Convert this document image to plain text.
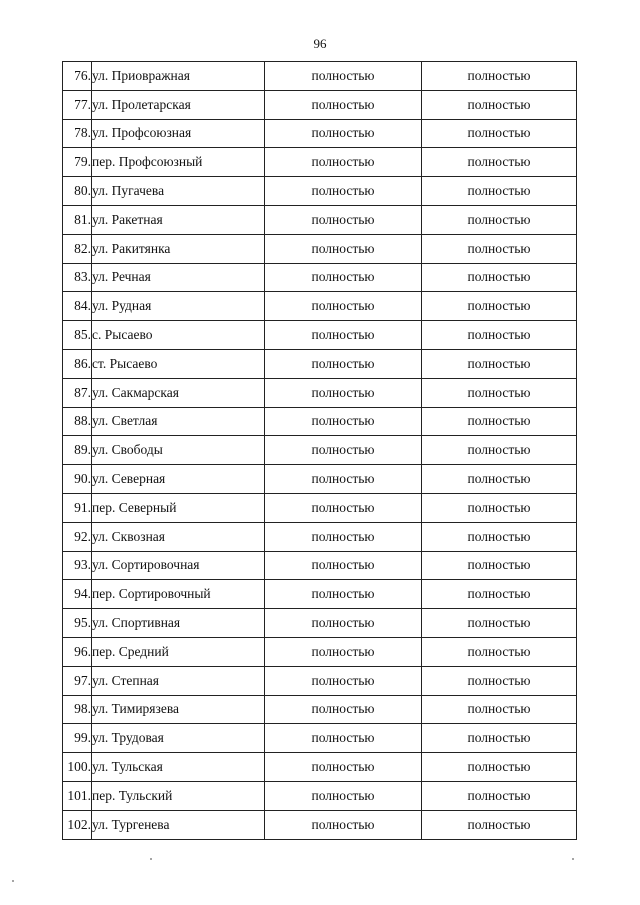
96
76.	ул. Приовражная	полностью	полностью
77.	ул. Пролетарская	полностью	полностью
78.	ул. Профсоюзная	полностью	полностью
79.	пер. Профсоюзный	полностью	полностью
80.	ул. Пугачева	полностью	полностью
81.	ул. Ракетная	полностью	полностью
82.	ул. Ракитянка	полностью	полностью
83.	ул. Речная	полностью	полностью
84.	ул. Рудная	полностью	полностью
85.	с. Рысаево	полностью	полностью
86.	ст. Рысаево	полностью	полностью
87.	ул. Сакмарская	полностью	полностью
88.	ул. Светлая	полностью	полностью
89.	ул. Свободы	полностью	полностью
90.	ул. Северная	полностью	полностью
91.	пер. Северный	полностью	полностью
92.	ул. Сквозная	полностью	полностью
93.	ул. Сортировочная	полностью	полностью
94.	пер. Сортировочный	полностью	полностью
95.	ул. Спортивная	полностью	полностью
96.	пер. Средний	полностью	полностью
97.	ул. Степная	полностью	полностью
98.	ул. Тимирязева	полностью	полностью
99.	ул. Трудовая	полностью	полностью
100.	ул. Тульская	полностью	полностью
101.	пер. Тульский	полностью	полностью
102.	ул. Тургенева	полностью	полностью
